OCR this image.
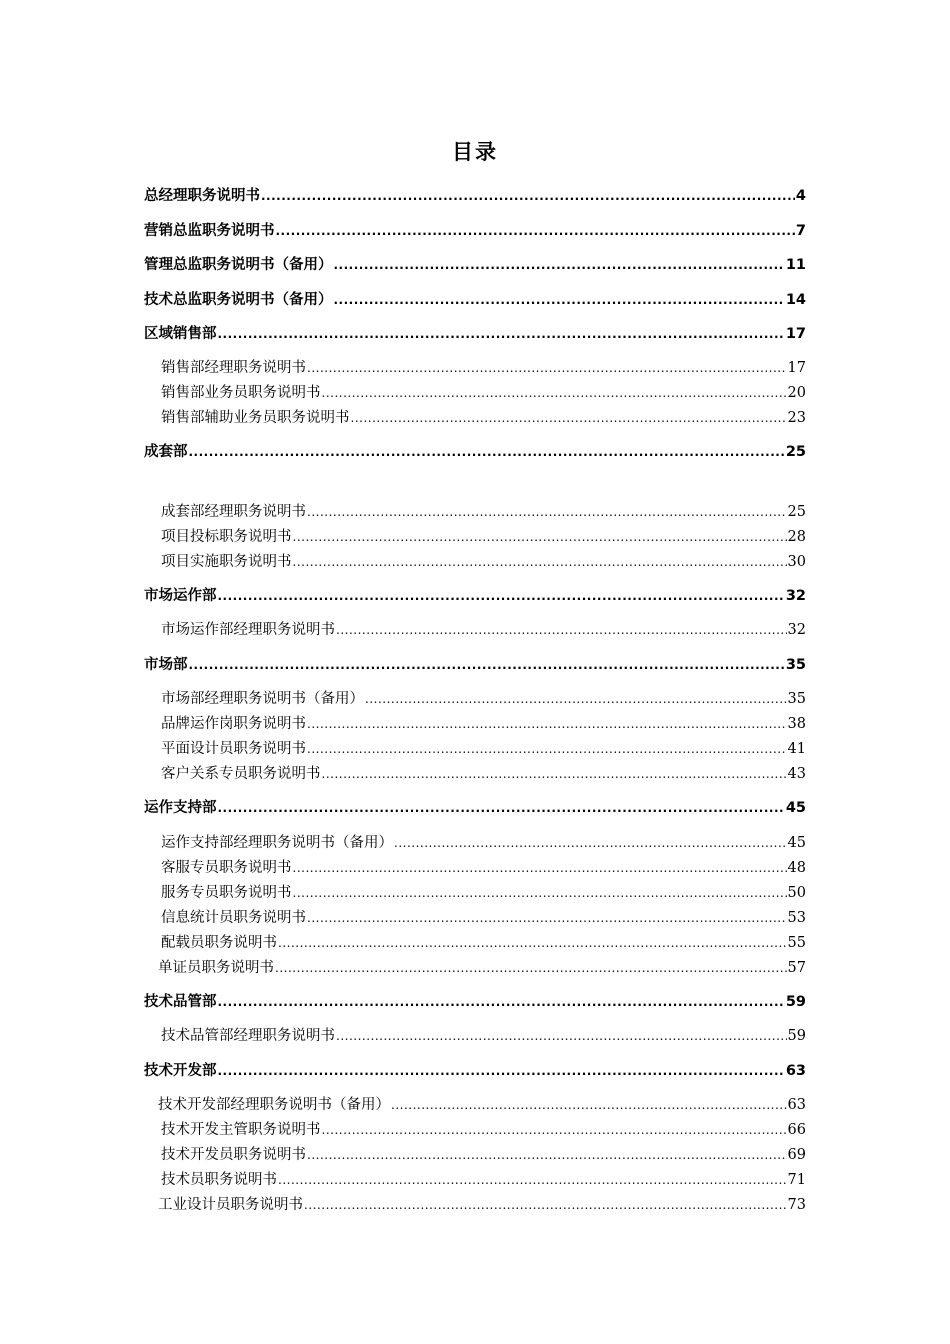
目录
总经理职务说明书 .....	4
营销总监职务说明书 .....	7
管理总监职务说明书（备用） .....	11
技术总监职务说明书（备用） .....	14
区域销售部 .....	17
销售部经理职务说明书 .....	17
销售部业务员职务说明书 .....	20
销售部辅助业务员职务说明书 .....	23
成套部 .....	25
成套部经理职务说明书 .....	25
项目投标职务说明书 .....	28
项目实施职务说明书 .....	30
市场运作部 .....	32
市场运作部经理职务说明书 .....	32
市场部 .....	35
市场部经理职务说明书（备用） .....	35
品牌运作岗职务说明书 .....	38
平面设计员职务说明书 .....	41
客户关系专员职务说明书 .....	43
运作支持部 .....	45
运作支持部经理职务说明书（备用） .....	45
客服专员职务说明书 .....	48
服务专员职务说明书 .....	50
信息统计员职务说明书 .....	53
配载员职务说明书 .....	55
单证员职务说明书 .....	57
技术品管部 .....	59
技术品管部经理职务说明书 .....	59
技术开发部 .....	63
技术开发部经理职务说明书（备用） .....	63
技术开发主管职务说明书 .....	66
技术开发员职务说明书 .....	69
技术员职务说明书 .....	71
工业设计员职务说明书 .....	73
